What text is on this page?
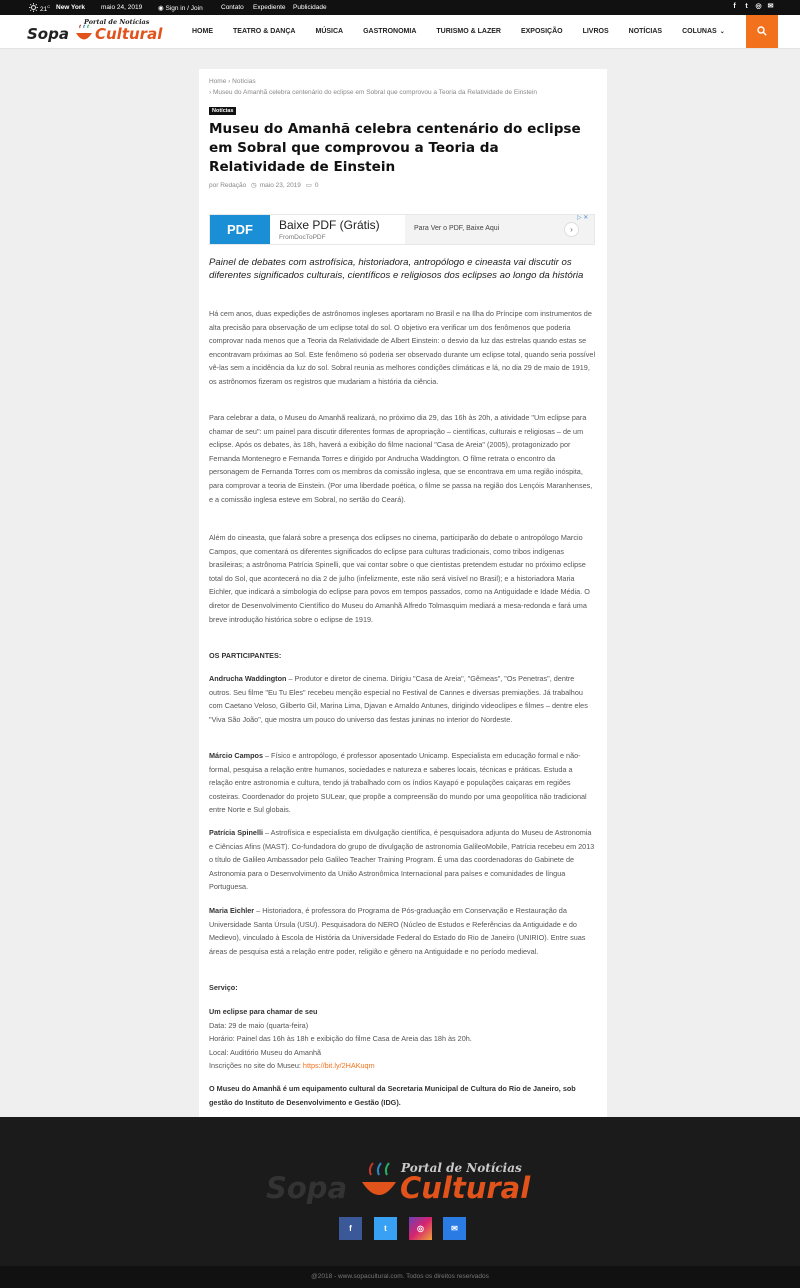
$21^C$ New York maio 24, 2019 ◉ Sign in / Join	Contato Expediente Publicidade	f	t	◎ ✉
Portal de Notícias
Sopa Cultural	HOME	TEATRO & DANÇA	MÚSICA	GASTRONOMIA	TURISMO & LAZER	EXPOSIÇÃO	LIVROS	NOTÍCIAS	COLUNAS ⌄
Home › Notícias
› Museu do Amanhã celebra centenário do eclipse em Sobral que comprovou a Teoria da Relatividade de Einstein
Notícias
Museu do Amanhã celebra centenário do eclipse em Sobral que comprovou a Teoria da Relatividade de Einstein
por Redação ◷ maio 23, 2019 ▭ 0
PDF	Baixe PDF (Grátis)
FromDocToPDF
Para Ver o PDF, Baixe Aqui	›
▷ ✕

Painel de debates com astrofísica, historiadora, antropólogo e cineasta vai discutir os diferentes significados culturais, científicos e religiosos dos eclipses ao longo da história

Há cem anos, duas expedições de astrônomos ingleses aportaram no Brasil e na Ilha do Príncipe com instrumentos de alta precisão para observação de um eclipse total do sol. O objetivo era verificar um dos fenômenos que poderia comprovar nada menos que a Teoria da Relatividade de Albert Einstein: o desvio da luz das estrelas quando estas se encontravam próximas ao Sol. Este fenômeno só poderia ser observado durante um eclipse total, quando seria possível vê-las sem a incidência da luz do sol. Sobral reunia as melhores condições climáticas e lá, no dia 29 de maio de 1919, os astrônomos fizeram os registros que mudariam a história da ciência.

Para celebrar a data, o Museu do Amanhã realizará, no próximo dia 29, das 16h às 20h, a atividade "Um eclipse para chamar de seu": um painel para discutir diferentes formas de apropriação – científicas, culturais e religiosas – de um eclipse. Após os debates, às 18h, haverá a exibição do filme nacional "Casa de Areia" (2005), protagonizado por Fernanda Montenegro e Fernanda Torres e dirigido por Andrucha Waddington. O filme retrata o encontro da personagem de Fernanda Torres com os membros da comissão inglesa, que se encontrava em uma região inóspita, para comprovar a teoria de Einstein. (Por uma liberdade poética, o filme se passa na região dos Lençóis Maranhenses, e a comissão inglesa esteve em Sobral, no sertão do Ceará).

Além do cineasta, que falará sobre a presença dos eclipses no cinema, participarão do debate o antropólogo Marcio Campos, que comentará os diferentes significados do eclipse para culturas tradicionais, como tribos indígenas brasileiras; a astrônoma Patrícia Spinelli, que vai contar sobre o que cientistas pretendem estudar no próximo eclipse total do Sol, que acontecerá no dia 2 de julho (infelizmente, este não será visível no Brasil); e a historiadora Maria Eichler, que indicará a simbologia do eclipse para povos em tempos passados, como na Antiguidade e Idade Média. O diretor de Desenvolvimento Científico do Museu do Amanhã Alfredo Tolmasquim mediará a mesa-redonda e fará uma breve introdução histórica sobre o eclipse de 1919.

OS PARTICIPANTES:

Andrucha Waddington – Produtor e diretor de cinema. Dirigiu "Casa de Areia", "Gêmeas", "Os Penetras", dentre outros. Seu filme "Eu Tu Eles" recebeu menção especial no Festival de Cannes e diversas premiações. Já trabalhou com Caetano Veloso, Gilberto Gil, Marina Lima, Djavan e Arnaldo Antunes, dirigindo videoclipes e filmes – dentre eles "Viva São João", que mostra um pouco do universo das festas juninas no interior do Nordeste.

Márcio Campos – Físico e antropólogo, é professor aposentado Unicamp. Especialista em educação formal e não-formal, pesquisa a relação entre humanos, sociedades e natureza e saberes locais, técnicas e práticas. Estuda a relação entre astronomia e cultura, tendo já trabalhado com os índios Kayapó e populações caiçaras em regiões costeiras. Coordenador do projeto SULear, que propõe a compreensão do mundo por uma geopolítica não tradicional entre Norte e Sul globais.

Patrícia Spinelli – Astrofísica e especialista em divulgação científica, é pesquisadora adjunta do Museu de Astronomia e Ciências Afins (MAST). Co-fundadora do grupo de divulgação de astronomia GalileoMobile, Patrícia recebeu em 2013 o título de Galileo Ambassador pelo Galileo Teacher Training Program. É uma das coordenadoras do Gabinete de Astronomia para o Desenvolvimento da União Astronômica Internacional para países e comunidades de língua Portuguesa.

Maria Eichler – Historiadora, é professora do Programa de Pós-graduação em Conservação e Restauração da Universidade Santa Úrsula (USU). Pesquisadora do NERO (Núcleo de Estudos e Referências da Antiguidade e do Medievo), vinculado à Escola de História da Universidade Federal do Estado do Rio de Janeiro (UNIRIO). Entre suas áreas de pesquisa está a relação entre poder, religião e gênero na Antiguidade e no período medieval.

Serviço:

Um eclipse para chamar de seu
Data: 29 de maio (quarta-feira)
Horário: Painel das 16h às 18h e exibição do filme Casa de Areia das 18h às 20h.
Local: Auditório Museu do Amanhã
Inscrições no site do Museu: https://bit.ly/2HAKuqm

O Museu do Amanhã é um equipamento cultural da Secretaria Municipal de Cultura do Rio de Janeiro, sob gestão do Instituto de Desenvolvimento e Gestão (IDG).

Portal de Notícias
Sopa Cultural
f	t	◎	✉
@2018 - www.sopacultural.com. Todos os direitos reservados
